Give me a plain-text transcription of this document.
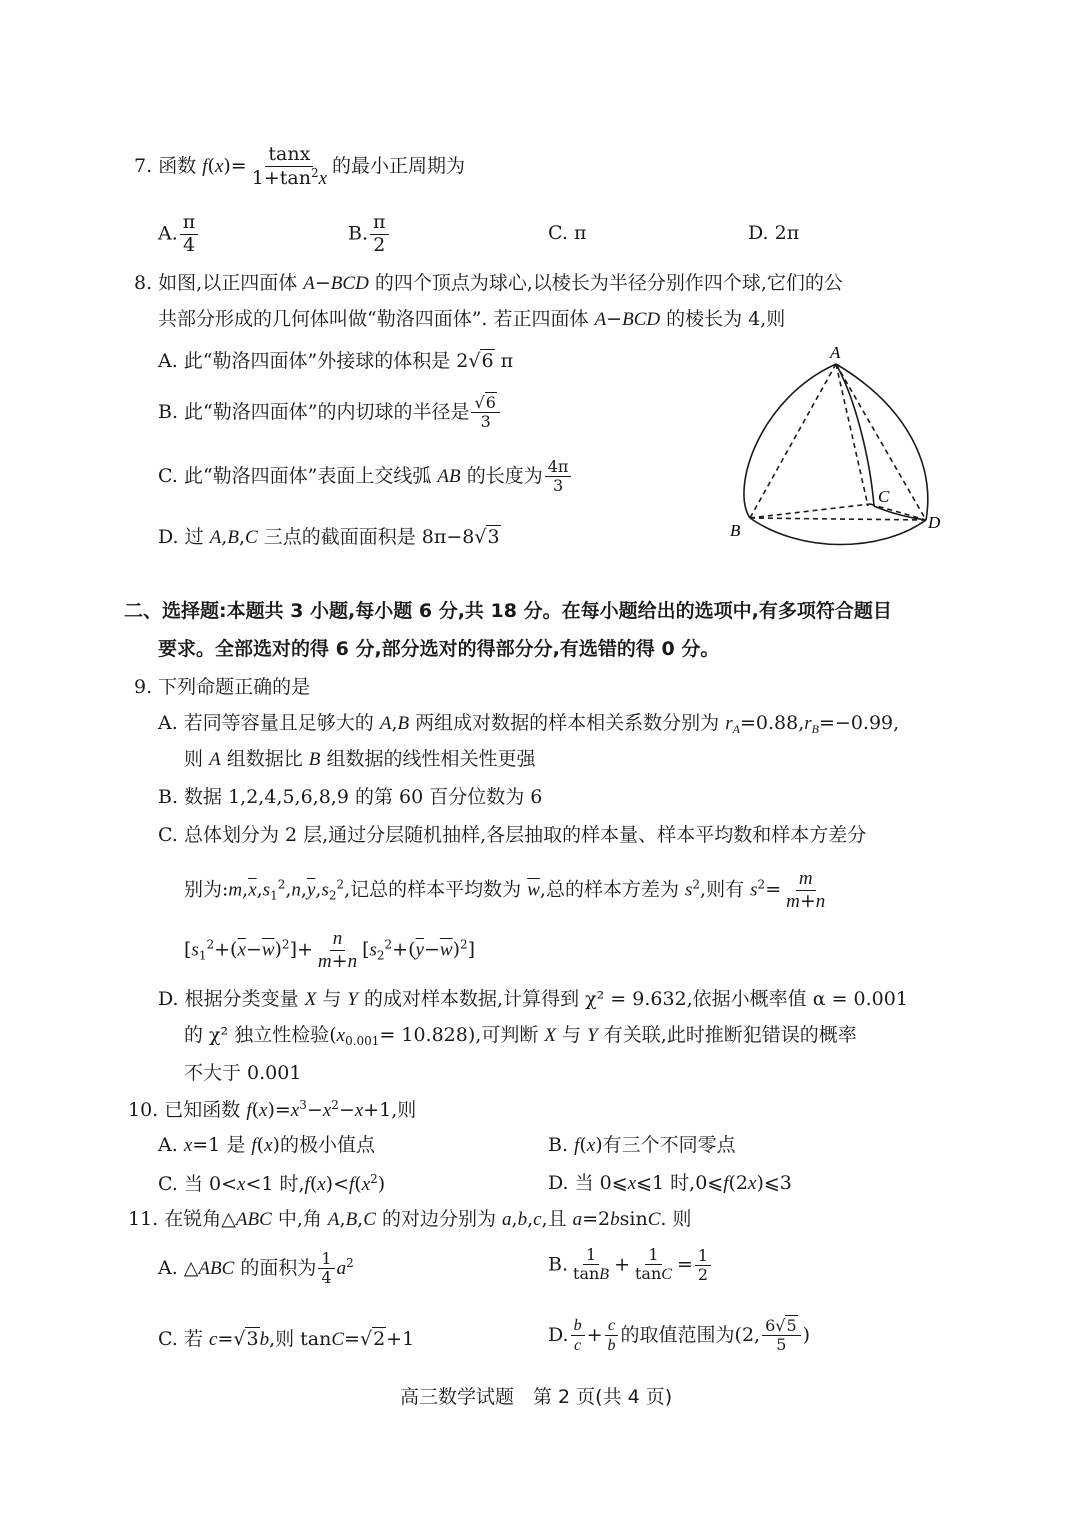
7. 函数 $f(x)= \frac{\tan x}{1+\tan^2x}$ 的最小正周期为
A. $\frac{\pi}{4}$	B. $\frac{\pi}{2}$	C. π	D. 2π
8. 如图,以正四面体 A−BCD 的四个顶点为球心,以棱长为半径分别作四个球,它们的公
共部分形成的几何体叫做“勒洛四面体”. 若正四面体 A−BCD 的棱长为 4,则
A. 此“勒洛四面体”外接球的体积是 2√6 π
B. 此“勒洛四面体”的内切球的半径是 $\frac{√6}{3}$
C. 此“勒洛四面体”表面上交线弧 AB 的长度为 $\frac{4\pi}{3}$
D. 过 A,B,C 三点的截面面积是 8π−8√3
A
B
C
D
二、选择题:本题共 3 小题,每小题 6 分,共 18 分。在每小题给出的选项中,有多项符合题目
要求。全部选对的得 6 分,部分选对的得部分分,有选错的得 0 分。
9. 下列命题正确的是
A. 若同等容量且足够大的 A,B 两组成对数据的样本相关系数分别为 $r_A=0.88,r_B=-0.99$,
则 A 组数据比 B 组数据的线性相关性更强
B. 数据 1,2,4,5,6,8,9 的第 60 百分位数为 6
C. 总体划分为 2 层,通过分层随机抽样,各层抽取的样本量、样本平均数和样本方差分
别为$:m,\overline{x},s_1^2,n,\overline{y},s_2^2$,记总的样本平均数为 $\overline{w}$,总的样本方差为 $s^2$,则有 $s^2= \frac{m}{m+n}$
$[s_1^2+(\overline{x}-\overline{w})^2]+ \frac{n}{m+n} [s_2^2+(\overline{y}-\overline{w})^2]$
D. 根据分类变量 X 与 Y 的成对样本数据,计算得到 χ² = 9.632,依据小概率值 α = 0.001
的 χ² 独立性检验$(x_{0.001}= 10.828)$,可判断 X 与 Y 有关联,此时推断犯错误的概率
不大于 0.001
10. 已知函数 $f(x)=x^3-x^2-x+1$,则
A. x=1 是 f(x)的极小值点	B. f(x)有三个不同零点
C. 当 0<x<1 时$,f(x)<f(x^2)$	D. 当 0⩽x⩽1 时,0⩽f(2x)⩽3
11. 在锐角△ABC 中,角 A,B,C 的对边分别为 a,b,c,且 a=2bsinC. 则
A. △ABC 的面积为 $\frac{1}{4} a^2$	B. $\frac{1}{\tan B} + \frac{1}{\tan C} = \frac{1}{2}$
C. 若 c=√3b,则 tanC=√2+1	D. $\frac{b}{c} + \frac{c}{b}$ 的取值范围为(2, $\frac{6√5}{5}$ )
高三数学试题　第 2 页(共 4 页)
